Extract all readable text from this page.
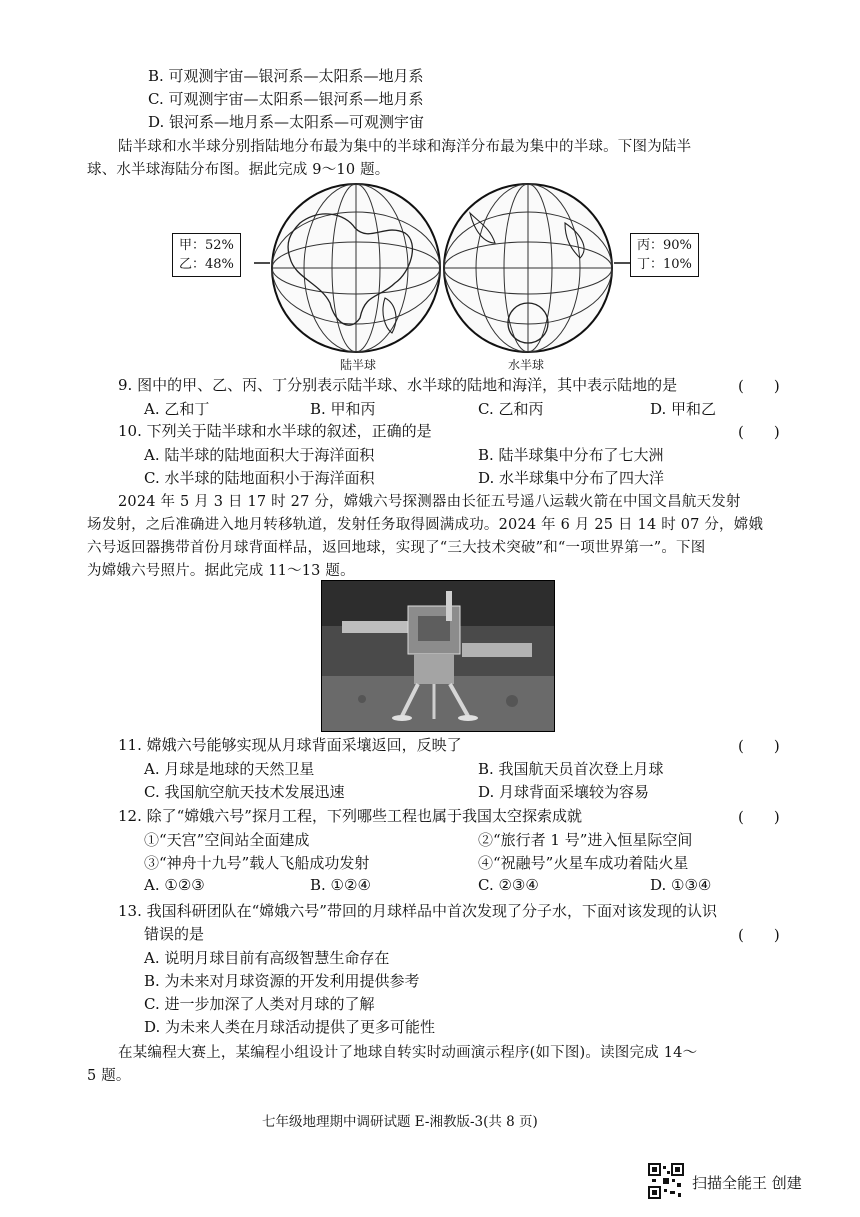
B. 可观测宇宙—银河系—太阳系—地月系
C. 可观测宇宙—太阳系—银河系—地月系
D. 银河系—地月系—太阳系—可观测宇宙
陆半球和水半球分别指陆地分布最为集中的半球和海洋分布最为集中的半球。下图为陆半
球、水半球海陆分布图。据此完成 9～10 题。
甲：52%
乙：48%
丙：90%
丁：10%
陆半球	水半球
9. 图中的甲、乙、丙、丁分别表示陆半球、水半球的陆地和海洋，其中表示陆地的是	(　　)
A. 乙和丁	B. 甲和丙	C. 乙和丙	D. 甲和乙
10. 下列关于陆半球和水半球的叙述，正确的是	(　　)
A. 陆半球的陆地面积大于海洋面积	B. 陆半球集中分布了七大洲
C. 水半球的陆地面积小于海洋面积	D. 水半球集中分布了四大洋
2024 年 5 月 3 日 17 时 27 分，嫦娥六号探测器由长征五号遥八运载火箭在中国文昌航天发射
场发射，之后准确进入地月转移轨道，发射任务取得圆满成功。2024 年 6 月 25 日 14 时 07 分，嫦娥
六号返回器携带首份月球背面样品，返回地球，实现了“三大技术突破”和“一项世界第一”。下图
为嫦娥六号照片。据此完成 11～13 题。
11. 嫦娥六号能够实现从月球背面采壤返回，反映了	(　　)
A. 月球是地球的天然卫星	B. 我国航天员首次登上月球
C. 我国航空航天技术发展迅速	D. 月球背面采壤较为容易
12. 除了“嫦娥六号”探月工程，下列哪些工程也属于我国太空探索成就	(　　)
①“天宫”空间站全面建成	②“旅行者 1 号”进入恒星际空间
③“神舟十九号”载人飞船成功发射	④“祝融号”火星车成功着陆火星
A. ①②③	B. ①②④	C. ②③④	D. ①③④
13. 我国科研团队在“嫦娥六号”带回的月球样品中首次发现了分子水，下面对该发现的认识
错误的是	(　　)
A. 说明月球目前有高级智慧生命存在
B. 为未来对月球资源的开发利用提供参考
C. 进一步加深了人类对月球的了解
D. 为未来人类在月球活动提供了更多可能性
在某编程大赛上，某编程小组设计了地球自转实时动画演示程序(如下图)。读图完成 14～
5 题。
七年级地理期中调研试题 E-湘教版-3(共 8 页)
扫描全能王 创建
